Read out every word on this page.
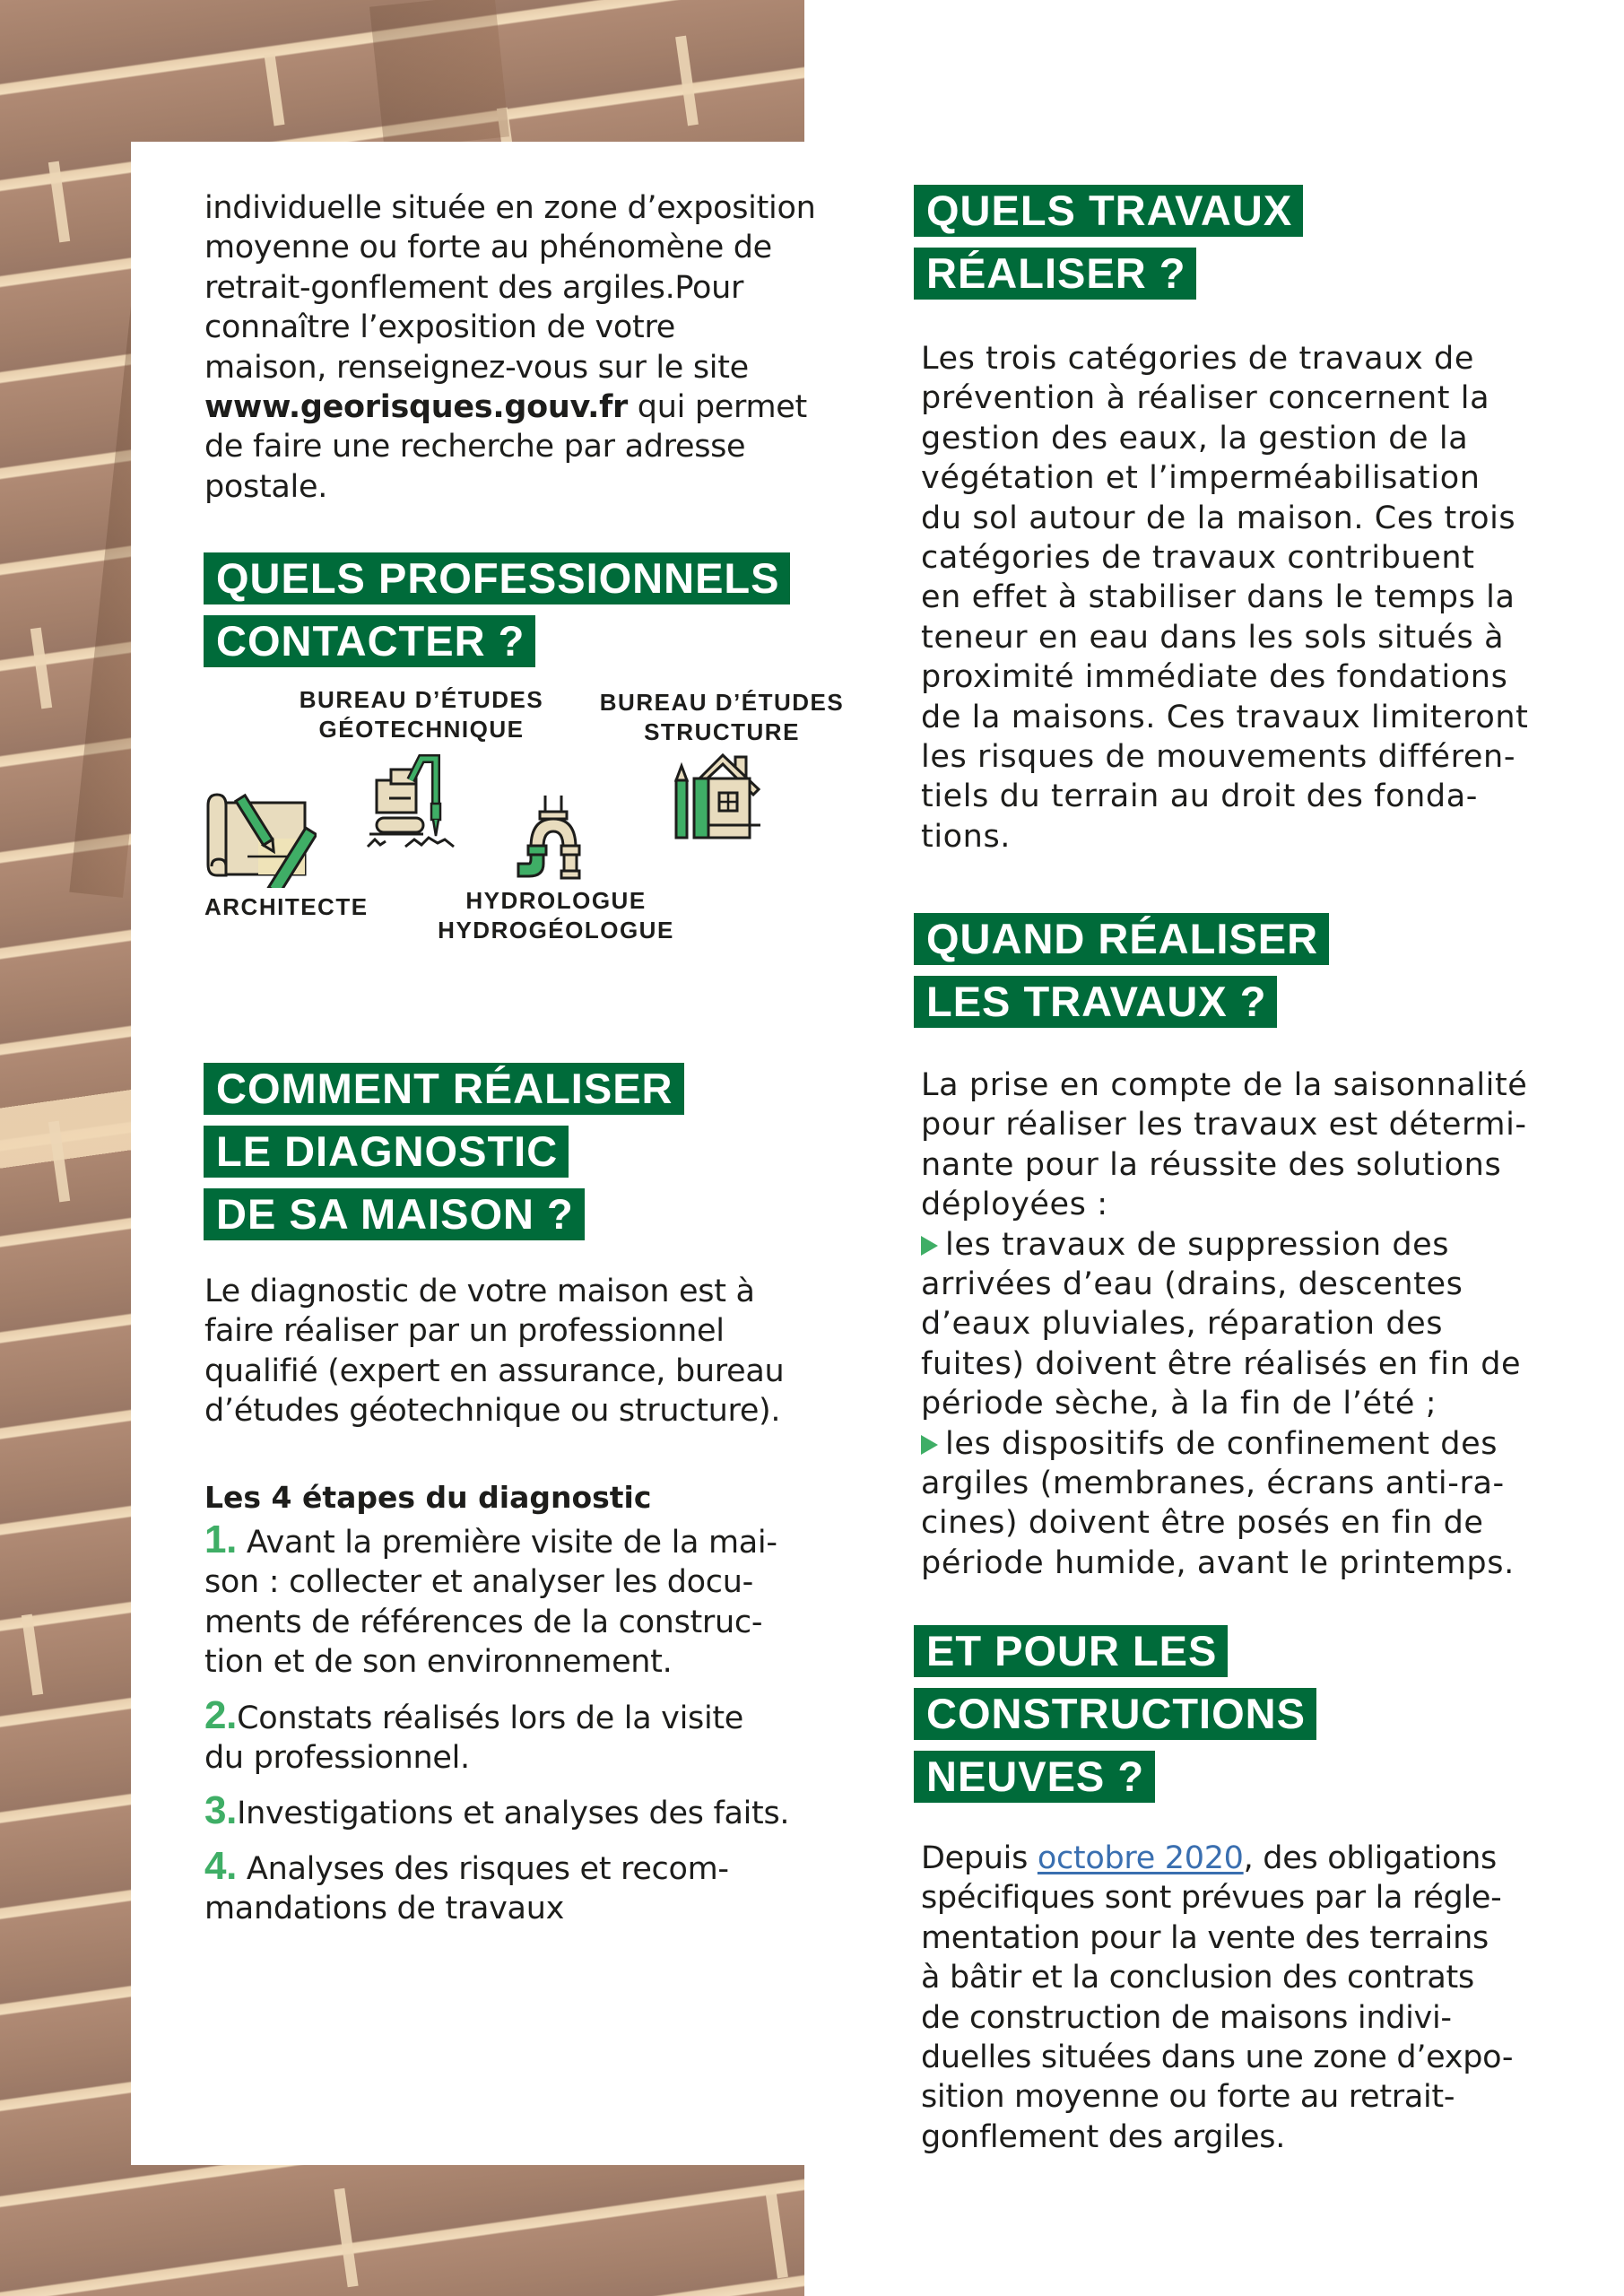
individuelle située en zone d’exposition
moyenne ou forte au phénomène de
retrait-gonflement des argiles.Pour
connaître l’exposition de votre
maison, renseignez-vous sur le site
www.georisques.gouv.fr qui permet
de faire une recherche par adresse
postale.
QUELS PROFESSIONNELS
CONTACTER ?
BUREAU D’ÉTUDES
GÉOTECHNIQUE
BUREAU D’ÉTUDES
STRUCTURE
ARCHITECTE	HYDROLOGUE
HYDROGÉOLOGUE
COMMENT RÉALISER
LE DIAGNOSTIC
DE SA MAISON ?
Le diagnostic de votre maison est à
faire réaliser par un professionnel
qualifié (expert en assurance, bureau
d’études géotechnique ou structure).
Les 4 étapes du diagnostic
1. Avant la première visite de la mai-
son : collecter et analyser les docu-
ments de références de la construc-
tion et de son environnement.
2.Constats réalisés lors de la visite
du professionnel.
3.Investigations et analyses des faits.
4. Analyses des risques et recom-
mandations de travaux
QUELS TRAVAUX
RÉALISER ?
Les trois catégories de travaux de
prévention à réaliser concernent la
gestion des eaux, la gestion de la
végétation et l’imperméabilisation
du sol autour de la maison. Ces trois
catégories de travaux contribuent
en effet à stabiliser dans le temps la
teneur en eau dans les sols situés à
proximité immédiate des fondations
de la maisons. Ces travaux limiteront
les risques de mouvements différen-
tiels du terrain au droit des fonda-
tions.
QUAND RÉALISER
LES TRAVAUX ?
La prise en compte de la saisonnalité
pour réaliser les travaux est détermi-
nante pour la réussite des solutions
déployées :
les travaux de suppression des
arrivées d’eau (drains, descentes
d’eaux pluviales, réparation des
fuites) doivent être réalisés en fin de
période sèche, à la fin de l’été ;
les dispositifs de confinement des
argiles (membranes, écrans anti-ra-
cines) doivent être posés en fin de
période humide, avant le printemps.
ET POUR LES
CONSTRUCTIONS
NEUVES ?
Depuis octobre 2020, des obligations
spécifiques sont prévues par la régle-
mentation pour la vente des terrains
à bâtir et la conclusion des contrats
de construction de maisons indivi-
duelles situées dans une zone d’expo-
sition moyenne ou forte au retrait-
gonflement des argiles.
